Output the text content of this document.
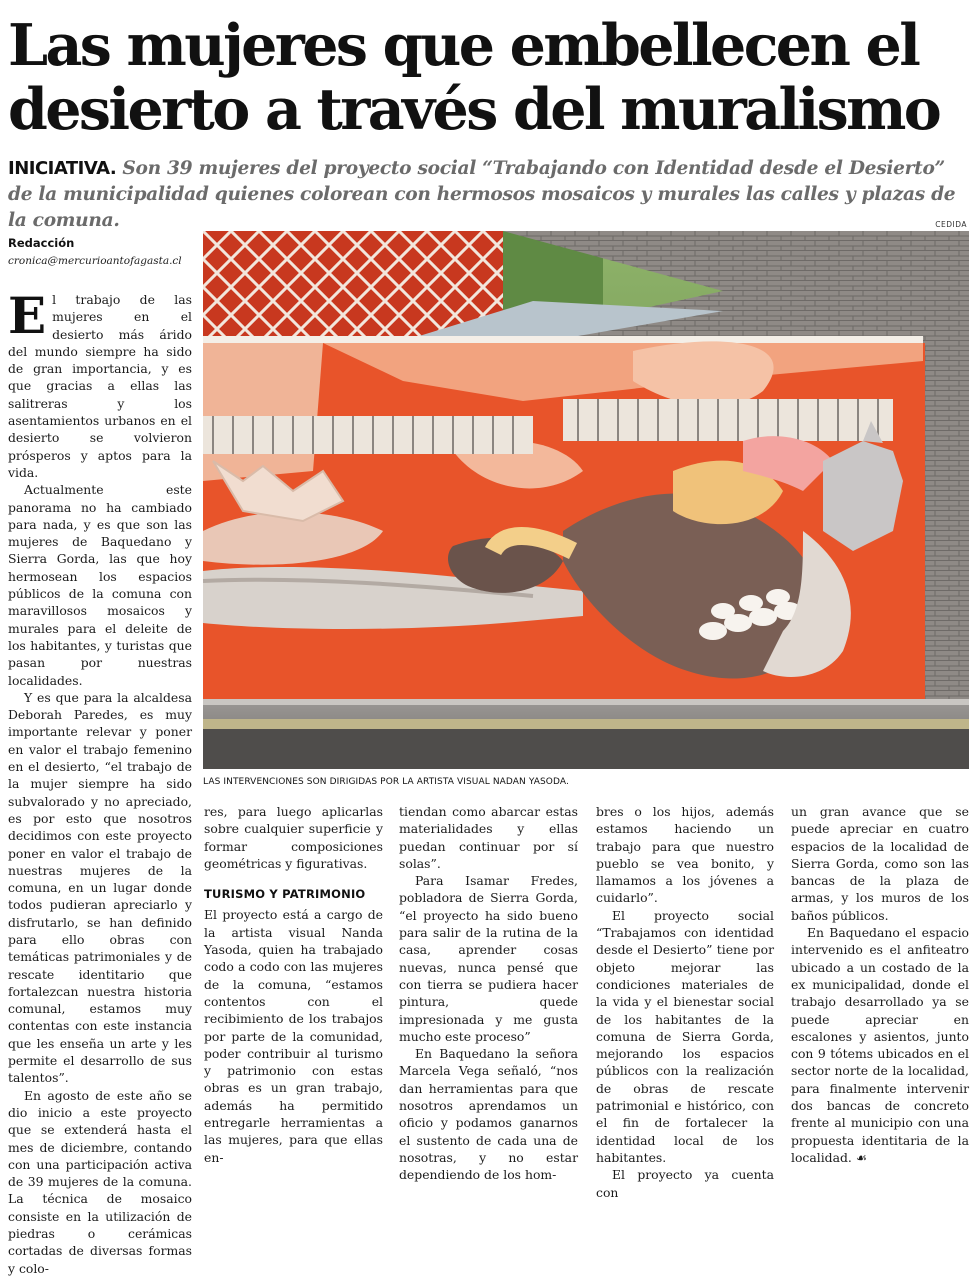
Las mujeres que embellecen el desierto a través del muralismo

INICIATIVA. Son 39 mujeres del proyecto social “Trabajando con Identidad desde el Desierto” de la municipalidad quienes colorean con hermosos mosaicos y murales las calles y plazas de la comuna.	CEDIDA
Redacción
cronica@mercurioantofagasta.cl
LAS INTERVENCIONES SON DIRIGIDAS POR LA ARTISTA VISUAL NADAN YASODA.

El trabajo de las mujeres en el desierto más árido del mundo siempre ha sido de gran importancia, y es que gracias a ellas las salitreras y los asentamientos urbanos en el desierto se volvieron prósperos y aptos para la vida.

Actualmente este panorama no ha cambiado para nada, y es que son las mujeres de Baquedano y Sierra Gorda, las que hoy hermosean los espacios públicos de la comuna con maravillosos mosaicos y murales para el deleite de los habitantes, y turistas que pasan por nuestras localidades.

Y es que para la alcaldesa Deborah Paredes, es muy importante relevar y poner en valor el trabajo femenino en el desierto, “el trabajo de la mujer siempre ha sido subvalorado y no apreciado, es por esto que nosotros decidimos con este proyecto poner en valor el trabajo de nuestras mujeres de la comuna, en un lugar donde todos pudieran apreciarlo y disfrutarlo, se han definido para ello obras con temáticas patrimoniales y de rescate identitario que fortalezcan nuestra historia comunal, estamos muy contentas con este instancia que les enseña un arte y les permite el desarrollo de sus talentos”.

En agosto de este año se dio inicio a este proyecto que se extenderá hasta el mes de diciembre, contando con una participación activa de 39 mujeres de la comuna. La técnica de mosaico consiste en la utilización de piedras o cerámicas cortadas de diversas formas y colo-

res, para luego aplicarlas sobre cualquier superficie y formar composiciones geométricas y figurativas.

TURISMO Y PATRIMONIO

El proyecto está a cargo de la artista visual Nanda Yasoda, quien ha trabajado codo a codo con las mujeres de la comuna, “estamos contentos con el recibimiento de los trabajos por parte de la comunidad, poder contribuir al turismo y patrimonio con estas obras es un gran trabajo, además ha permitido entregarle herramientas a las mujeres, para que ellas en-

tiendan como abarcar estas materialidades y ellas puedan continuar por sí solas”.

Para Isamar Fredes, pobladora de Sierra Gorda, “el proyecto ha sido bueno para salir de la rutina de la casa, aprender cosas nuevas, nunca pensé que con tierra se pudiera hacer pintura, quede impresionada y me gusta mucho este proceso”

En Baquedano la señora Marcela Vega señaló, “nos dan herramientas para que nosotros aprendamos un oficio y podamos ganarnos el sustento de cada una de nosotras, y no estar dependiendo de los hom-

bres o los hijos, además estamos haciendo un trabajo para que nuestro pueblo se vea bonito, y llamamos a los jóvenes a cuidarlo”.

El proyecto social “Trabajamos con identidad desde el Desierto” tiene por objeto mejorar las condiciones materiales de la vida y el bienestar social de los habitantes de la comuna de Sierra Gorda, mejorando los espacios públicos con la realización de obras de rescate patrimonial e histórico, con el fin de fortalecer la identidad local de los habitantes.

El proyecto ya cuenta con

un gran avance que se puede apreciar en cuatro espacios de la localidad de Sierra Gorda, como son las bancas de la plaza de armas, y los muros de los baños públicos.

En Baquedano el espacio intervenido es el anfiteatro ubicado a un costado de la ex municipalidad, donde el trabajo desarrollado ya se puede apreciar en escalones y asientos, junto con 9 tótems ubicados en el sector norte de la localidad, para finalmente intervenir dos bancas de concreto frente al municipio con una propuesta identitaria de la localidad. ☙
